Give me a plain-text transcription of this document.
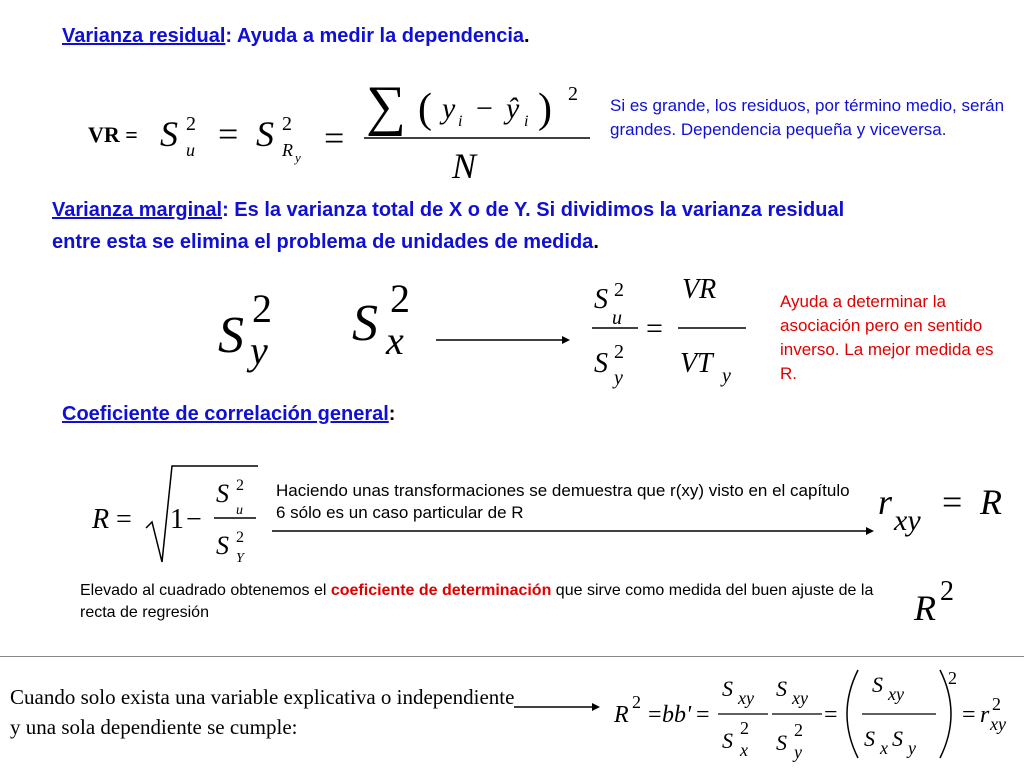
Varianza residual: Ayuda a medir la dependencia.
VR = S 2
u = S 2
R y =
∑ ( y i − ŷ i ) 2
N
Si es grande, los residuos, por término medio, serán grandes. Dependencia pequeña y viceversa.
Varianza marginal: Es la varianza total de X o de Y. Si dividimos la varianza residual entre esta se elimina el problema de unidades de medida.
S 2
y S 2
x
S 2
u
S 2
y
=
VR
VT y
Ayuda a determinar la asociación pero en sentido inverso. La mejor medida es R.
Coeficiente de correlación general:
R = 1 −
S 2
u
S 2
Y
Haciendo unas transformaciones se demuestra que r(xy) visto en el capítulo 6 sólo es un caso particular de R	r xy = R
Elevado al cuadrado obtenemos el coeficiente de determinación que sirve como medida del buen ajuste de la recta de regresión	R 2
Cuando solo exista una variable explicativa o independiente y una sola dependiente se cumple:	R 2 = bb' =
S xy
S 2
x
S xy
S 2
y
=
S xy
S x S y
2
= r 2
xy
